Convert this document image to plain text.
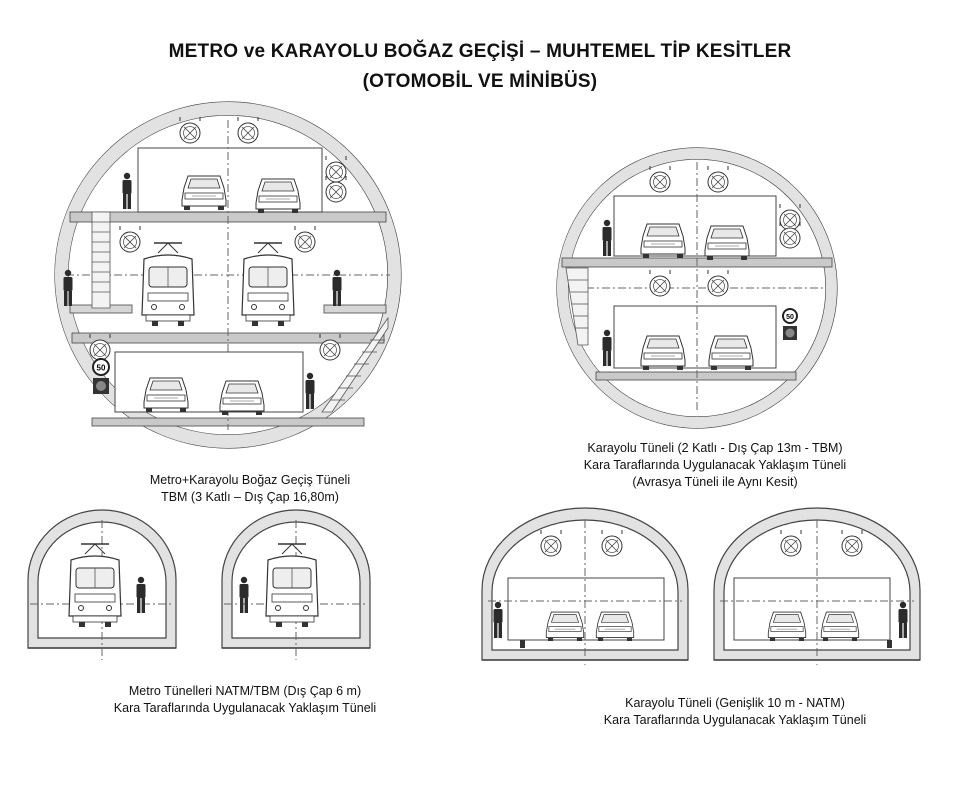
METRO ve KARAYOLU BOĞAZ GEÇİŞİ – MUHTEMEL TİP KESİTLER
(OTOMOBİL VE MİNİBÜS)
Metro+Karayolu Boğaz Geçiş Tüneli
TBM (3 Katlı – Dış Çap 16,80m)
Karayolu Tüneli (2 Katlı - Dış Çap 13m - TBM)
Kara Taraflarında Uygulanacak Yaklaşım Tüneli
(Avrasya Tüneli ile Aynı Kesit)
Metro Tünelleri NATM/TBM (Dış Çap 6 m)
Kara Taraflarında Uygulanacak Yaklaşım Tüneli	Karayolu Tüneli (Genişlik 10 m - NATM)
Kara Taraflarında Uygulanacak Yaklaşım Tüneli
50
50
